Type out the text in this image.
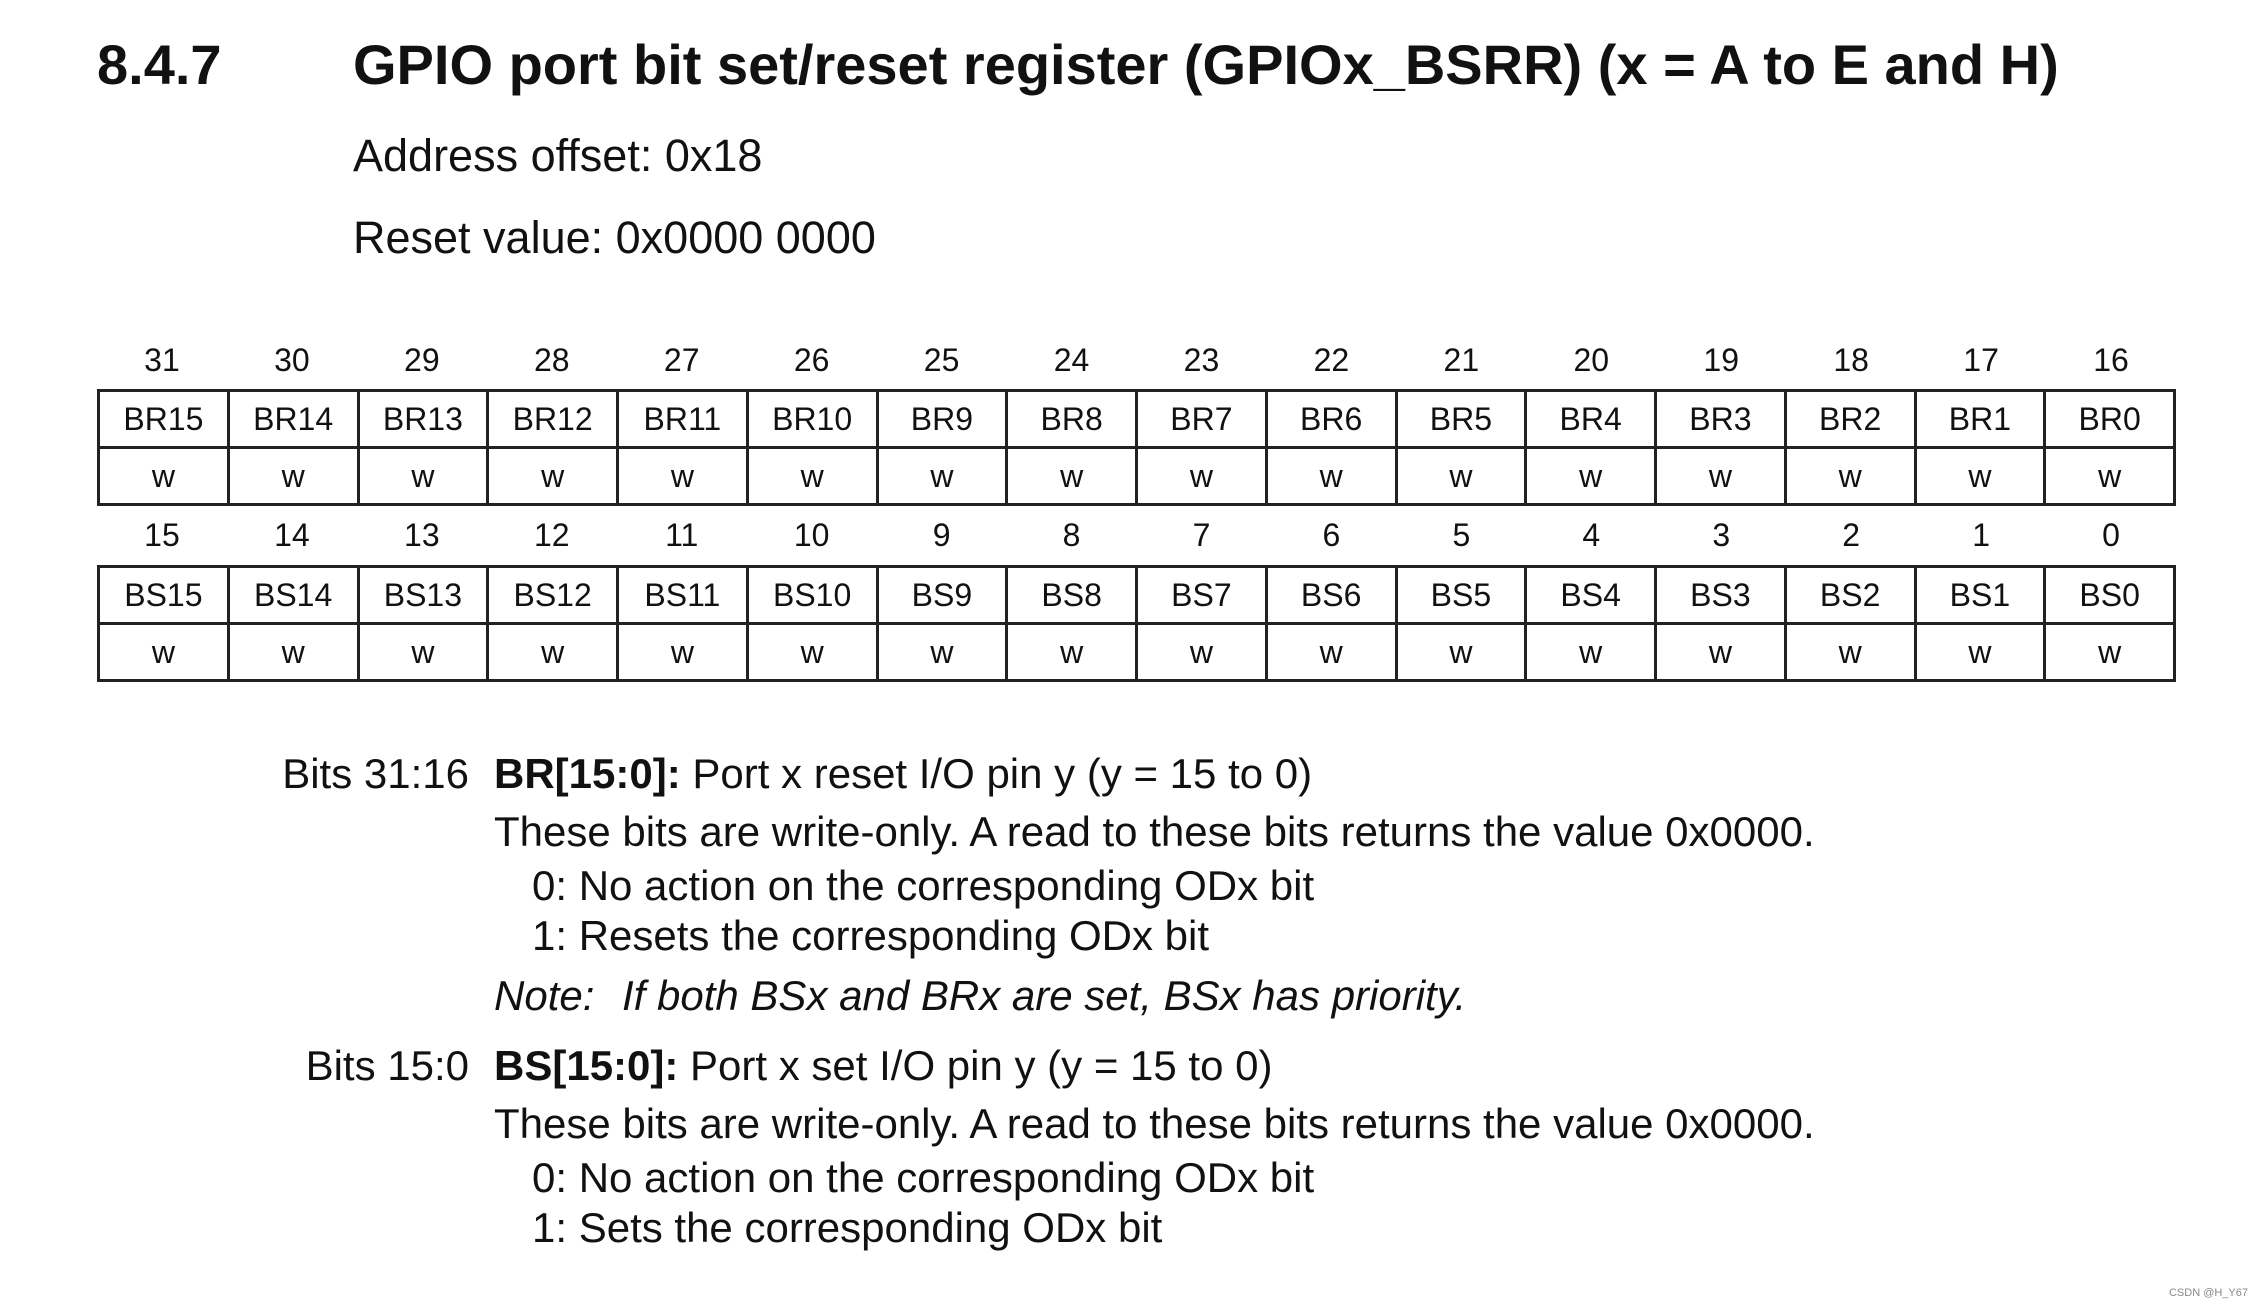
8.4.7 GPIO port bit set/reset register (GPIOx_BSRR) (x = A to E and H)
Address offset: 0x18
Reset value: 0x0000 0000
31	30	29	28	27	26	25	24	23	22	21	20	19	18	17	16
BR15	BR14	BR13	BR12	BR11	BR10	BR9	BR8	BR7	BR6	BR5	BR4	BR3	BR2	BR1	BR0
w	w	w	w	w	w	w	w	w	w	w	w	w	w	w	w
15	14	13	12	11	10	9	8	7	6	5	4	3	2	1	0
BS15	BS14	BS13	BS12	BS11	BS10	BS9	BS8	BS7	BS6	BS5	BS4	BS3	BS2	BS1	BS0
w	w	w	w	w	w	w	w	w	w	w	w	w	w	w	w
Bits 31:16 BR[15:0]: Port x reset I/O pin y (y = 15 to 0)
These bits are write-only. A read to these bits returns the value 0x0000.
0: No action on the corresponding ODx bit
1: Resets the corresponding ODx bit
Note: If both BSx and BRx are set, BSx has priority.
Bits 15:0 BS[15:0]: Port x set I/O pin y (y = 15 to 0)
These bits are write-only. A read to these bits returns the value 0x0000.
0: No action on the corresponding ODx bit
1: Sets the corresponding ODx bit
CSDN @H_Y67
